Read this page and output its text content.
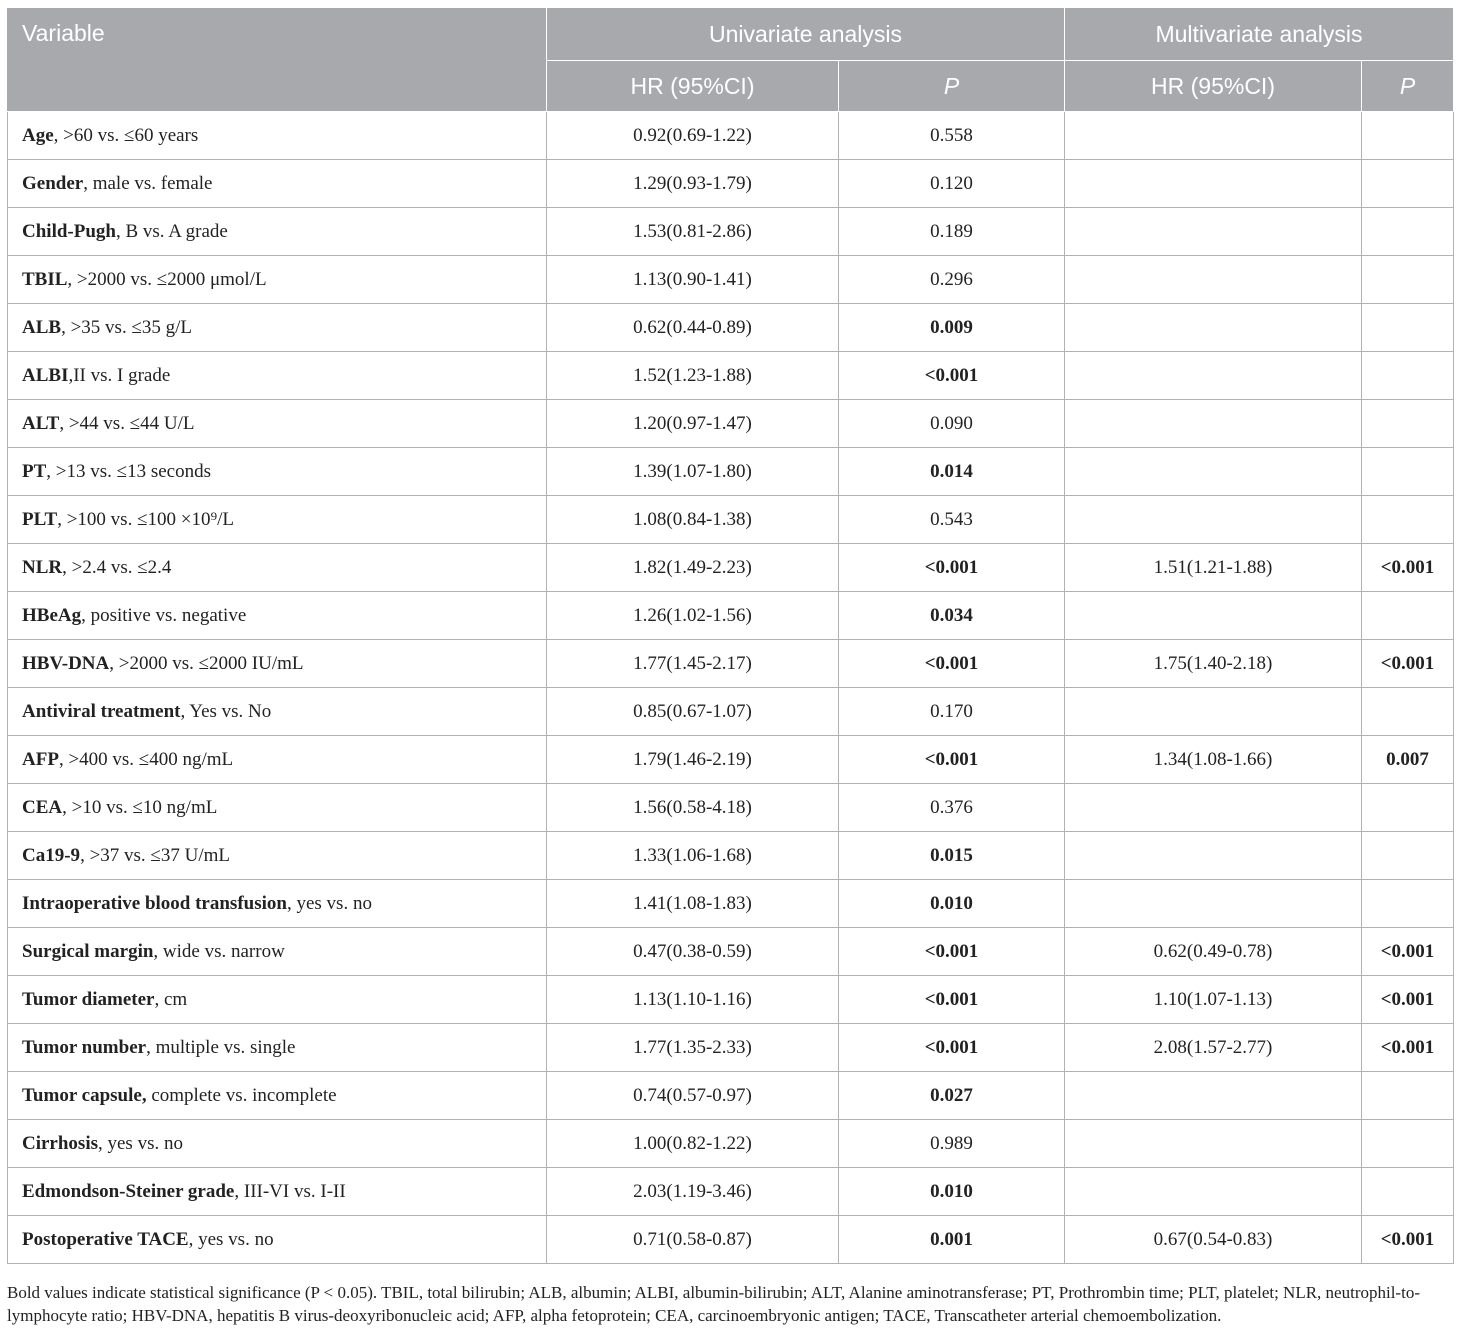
Variable	Univariate analysis		Multivariate analysis	
	HR (95%CI)	P	HR (95%CI)	P
Age, >60 vs. ≤60 years	0.92(0.69-1.22)	0.558		
Gender, male vs. female	1.29(0.93-1.79)	0.120		
Child-Pugh, B vs. A grade	1.53(0.81-2.86)	0.189		
TBIL, >2000 vs. ≤2000 μmol/L	1.13(0.90-1.41)	0.296		
ALB, >35 vs. ≤35 g/L	0.62(0.44-0.89)	0.009		
ALBI,II vs. I grade	1.52(1.23-1.88)	<0.001		
ALT, >44 vs. ≤44 U/L	1.20(0.97-1.47)	0.090		
PT, >13 vs. ≤13 seconds	1.39(1.07-1.80)	0.014		
PLT, >100 vs. ≤100 ×10⁹/L	1.08(0.84-1.38)	0.543		
NLR, >2.4 vs. ≤2.4	1.82(1.49-2.23)	<0.001	1.51(1.21-1.88)	<0.001
HBeAg, positive vs. negative	1.26(1.02-1.56)	0.034		
HBV-DNA, >2000 vs. ≤2000 IU/mL	1.77(1.45-2.17)	<0.001	1.75(1.40-2.18)	<0.001
Antiviral treatment, Yes vs. No	0.85(0.67-1.07)	0.170		
AFP, >400 vs. ≤400 ng/mL	1.79(1.46-2.19)	<0.001	1.34(1.08-1.66)	0.007
CEA, >10 vs. ≤10 ng/mL	1.56(0.58-4.18)	0.376		
Ca19-9, >37 vs. ≤37 U/mL	1.33(1.06-1.68)	0.015		
Intraoperative blood transfusion, yes vs. no	1.41(1.08-1.83)	0.010		
Surgical margin, wide vs. narrow	0.47(0.38-0.59)	<0.001	0.62(0.49-0.78)	<0.001
Tumor diameter, cm	1.13(1.10-1.16)	<0.001	1.10(1.07-1.13)	<0.001
Tumor number, multiple vs. single	1.77(1.35-2.33)	<0.001	2.08(1.57-2.77)	<0.001
Tumor capsule, complete vs. incomplete	0.74(0.57-0.97)	0.027		
Cirrhosis, yes vs. no	1.00(0.82-1.22)	0.989		
Edmondson-Steiner grade, III-VI vs. I-II	2.03(1.19-3.46)	0.010		
Postoperative TACE, yes vs. no	0.71(0.58-0.87)	0.001	0.67(0.54-0.83)	<0.001
Bold values indicate statistical significance (P < 0.05). TBIL, total bilirubin; ALB, albumin; ALBI, albumin-bilirubin; ALT, Alanine aminotransferase; PT, Prothrombin time; PLT, platelet; NLR, neutrophil-to-lymphocyte ratio; HBV-DNA, hepatitis B virus-deoxyribonucleic acid; AFP, alpha fetoprotein; CEA, carcinoembryonic antigen; TACE, Transcatheter arterial chemoembolization.
